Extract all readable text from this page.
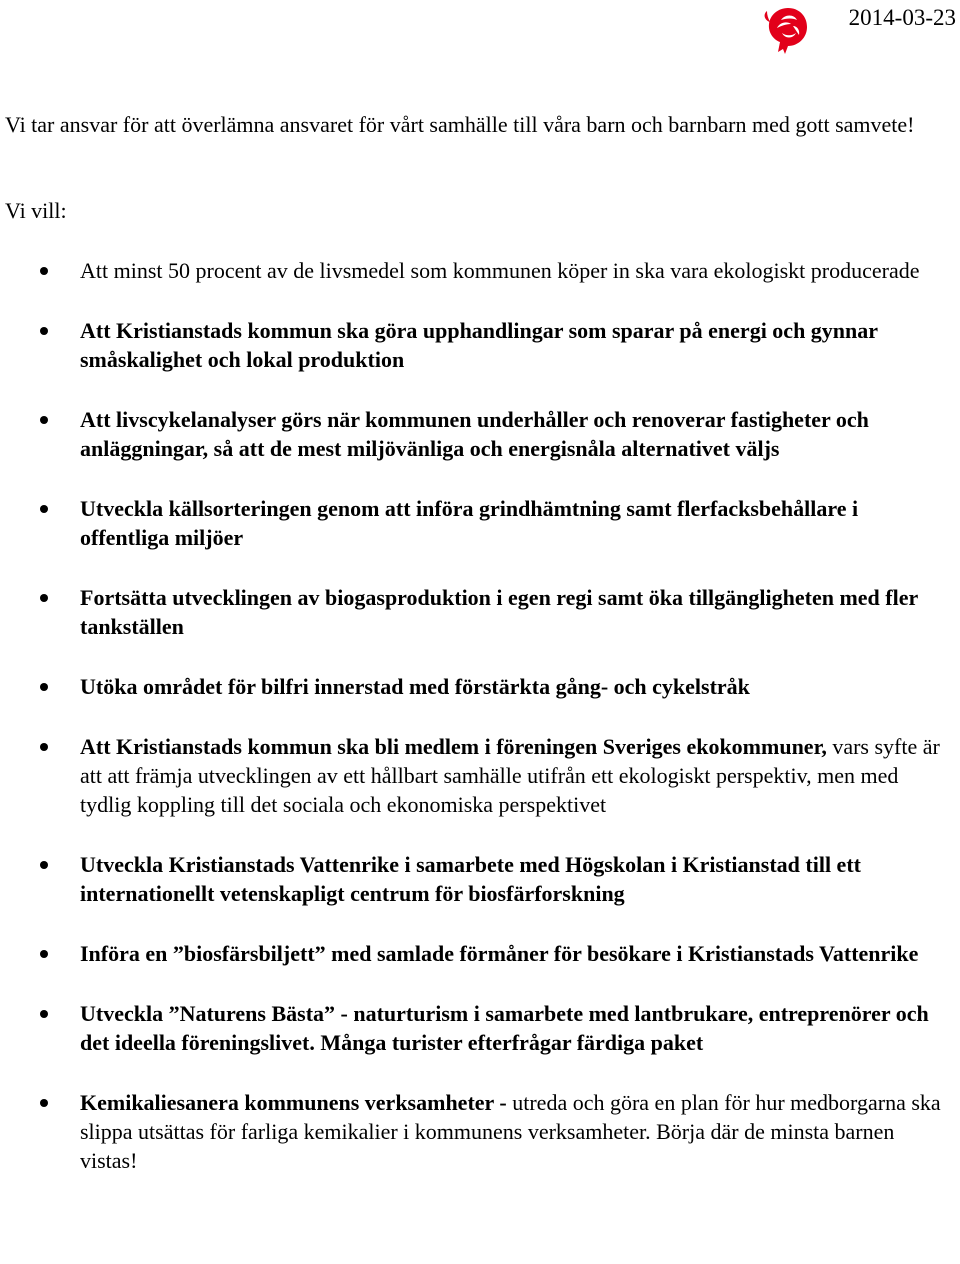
2014-03-23

Vi tar ansvar för att överlämna ansvaret för vårt samhälle till våra barn och barnbarn med gott samvete!

Vi vill:

Att minst 50 procent av de livsmedel som kommunen köper in ska vara ekologiskt producerade
Att Kristianstads kommun ska göra upphandlingar som sparar på energi och gynnar småskalighet och lokal produktion
Att livscykelanalyser görs när kommunen underhåller och renoverar fastigheter och anläggningar, så att de mest miljövänliga och energisnåla alternativet väljs
Utveckla källsorteringen genom att införa grindhämtning samt flerfacksbehållare i offentliga miljöer
Fortsätta utvecklingen av biogasproduktion i egen regi samt öka tillgängligheten med fler tankställen
Utöka området för bilfri innerstad med förstärkta gång- och cykelstråk
Att Kristianstads kommun ska bli medlem i föreningen Sveriges ekokommuner, vars syfte är att att främja utvecklingen av ett hållbart samhälle utifrån ett ekologiskt perspektiv, men med tydlig koppling till det sociala och ekonomiska perspektivet
Utveckla Kristianstads Vattenrike i samarbete med Högskolan i Kristianstad till ett internationellt vetenskapligt centrum för biosfärforskning
Införa en ”biosfärsbiljett” med samlade förmåner för besökare i Kristianstads Vattenrike
Utveckla ”Naturens Bästa” - naturturism i samarbete med lantbrukare, entreprenörer och det ideella föreningslivet. Många turister efterfrågar färdiga paket
Kemikaliesanera kommunens verksamheter - utreda och göra en plan för hur medborgarna ska slippa utsättas för farliga kemikalier i kommunens verksamheter. Börja där de minsta barnen vistas!
